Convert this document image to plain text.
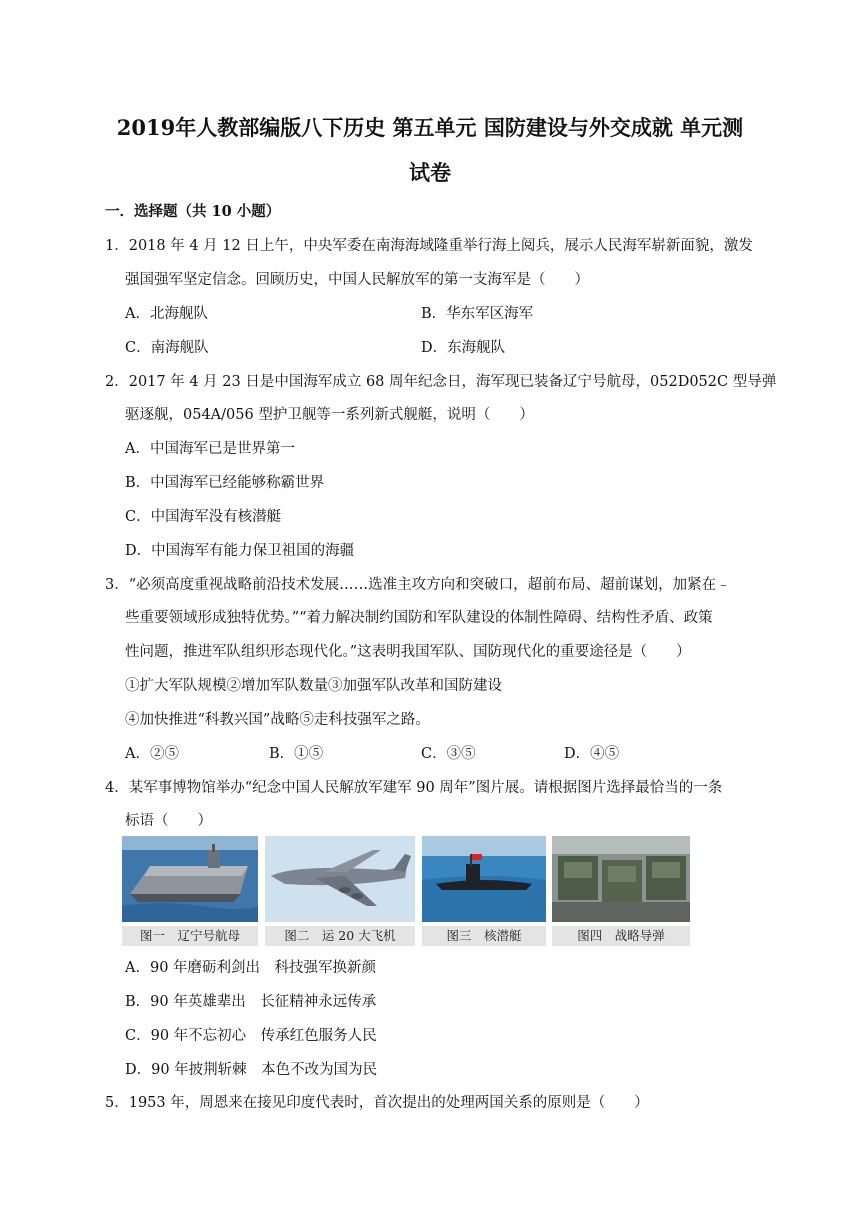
2019年人教部编版八下历史 第五单元 国防建设与外交成就 单元测
试卷
一．选择题（共 10 小题）
1．2018 年 4 月 12 日上午，中央军委在南海海域隆重举行海上阅兵，展示人民海军崭新面貌，激发
强国强军坚定信念。回顾历史，中国人民解放军的第一支海军是（　　）
A．北海舰队	B．华东军区海军
C．南海舰队	D．东海舰队
2．2017 年 4 月 23 日是中国海军成立 68 周年纪念日，海军现已装备辽宁号航母，052D052C 型导弹
驱逐舰，054A/056 型护卫舰等一系列新式舰艇，说明（　　）
A．中国海军已是世界第一
B．中国海军已经能够称霸世界
C．中国海军没有核潜艇
D．中国海军有能力保卫祖国的海疆
3．“必须高度重视战略前沿技术发展……选准主攻方向和突破口，超前布局、超前谋划，加紧在﹣
些重要领域形成独特优势。”“着力解决制约国防和军队建设的体制性障碍、结构性矛盾、政策
性问题，推进军队组织形态现代化。”这表明我国军队、国防现代化的重要途径是（　　）
①扩大军队规模②增加军队数量③加强军队改革和国防建设
④加快推进“科教兴国”战略⑤走科技强军之路。
A．②⑤	B．①⑤	C．③⑤	D．④⑤
4．某军事博物馆举办“纪念中国人民解放军建军 90 周年”图片展。请根据图片选择最恰当的一条
标语（　　）
图一　辽宁号航母	图二　运 20 大飞机	图三　核潜艇	图四　战略导弹
A．90 年磨砺利剑出　科技强军换新颜
B．90 年英雄辈出　长征精神永远传承
C．90 年不忘初心　传承红色服务人民
D．90 年披荆斩棘　本色不改为国为民
5．1953 年，周恩来在接见印度代表时，首次提出的处理两国关系的原则是（　　）
